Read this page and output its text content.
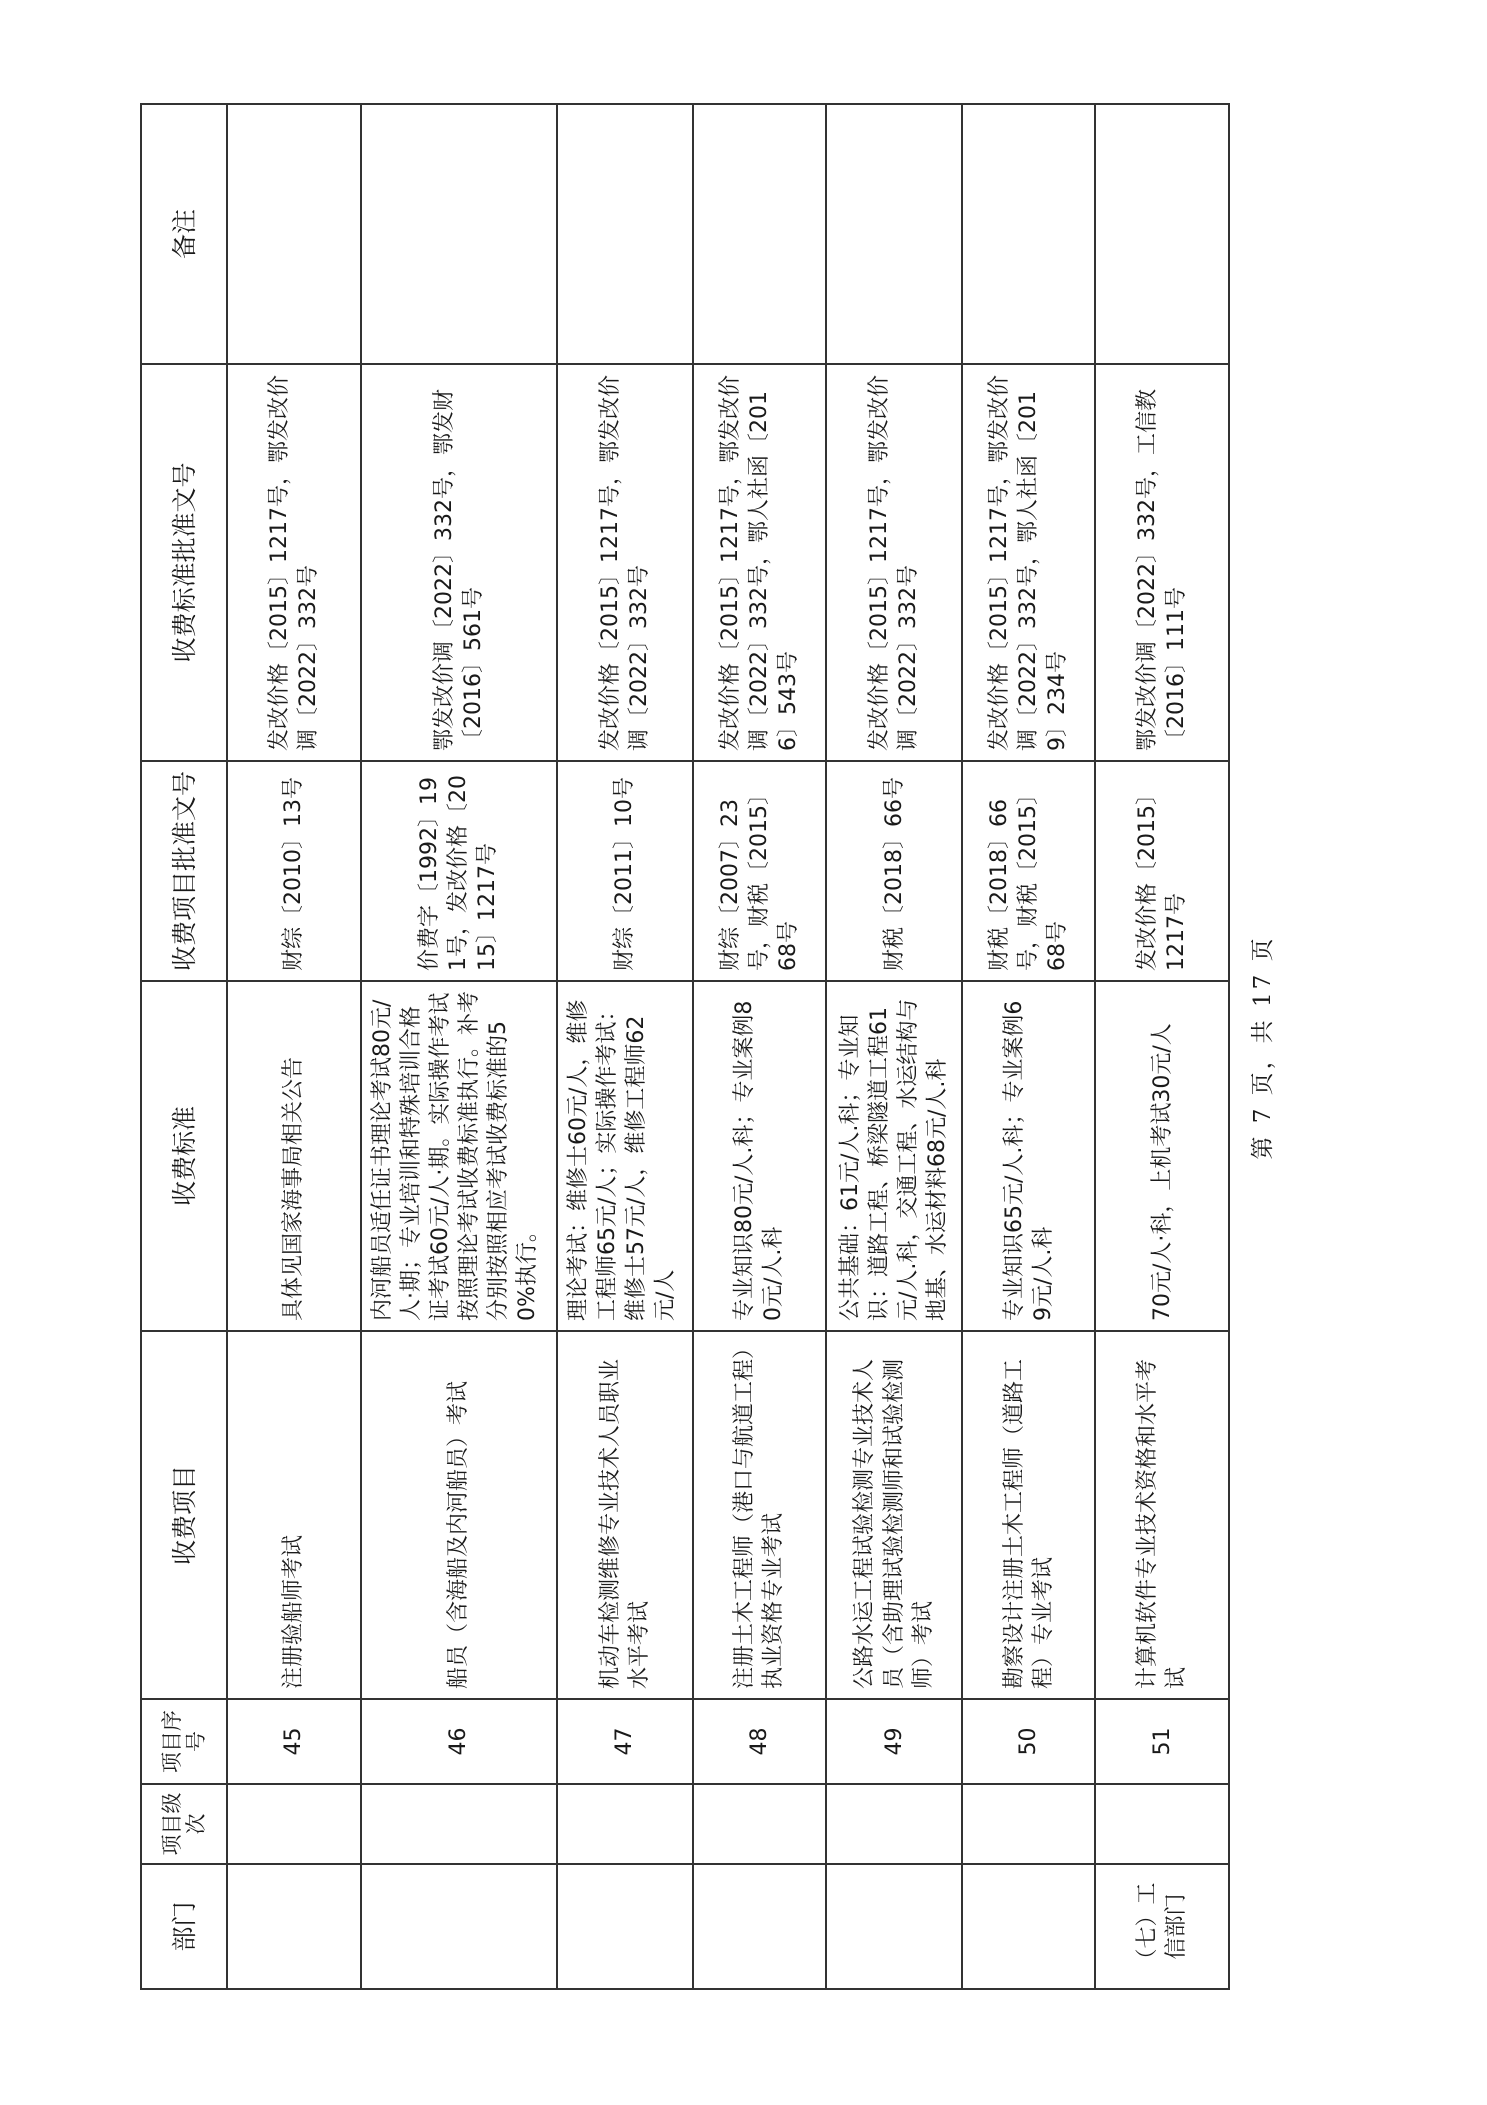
部门	项目级次	项目序号	收费项目	收费标准	收费项目批准文号	收费标准批准文号	备注
		45	注册验船师考试	具体见国家海事局相关公告	财综〔2010〕13号	发改价格〔2015〕1217号，鄂发改价调〔2022〕332号	
		46	船员（含海船及内河船员）考试	内河船员适任证书理论考试80元/人·期；专业培训和特殊培训合格证考试60元/人·期。实际操作考试按照理论考试收费标准执行。补考分别按照相应考试收费标准的50%执行。	价费字〔1992〕191号，发改价格〔2015〕1217号	鄂发改价调〔2022〕332号，鄂发财〔2016〕561号	
		47	机动车检测维修专业技术人员职业水平考试	理论考试：维修士60元/人，维修工程师65元/人；实际操作考试：维修士57元/人，维修工程师62元/人	财综〔2011〕10号	发改价格〔2015〕1217号，鄂发改价调〔2022〕332号	
		48	注册土木工程师（港口与航道工程）执业资格专业考试	专业知识80元/人.科；专业案例80元/人.科	财综〔2007〕23号，财税〔2015〕68号	发改价格〔2015〕1217号，鄂发改价调〔2022〕332号，鄂人社函〔2016〕543号	
		49	公路水运工程试验检测专业技术人员（含助理试验检测师和试验检测师）考试	公共基础：61元/人.科；专业知识：道路工程、桥梁隧道工程61元/人.科，交通工程、水运结构与地基、水运材料68元/人.科	财税〔2018〕66号	发改价格〔2015〕1217号，鄂发改价调〔2022〕332号	
		50	勘察设计注册土木工程师（道路工程）专业考试	专业知识65元/人.科；专业案例69元/人.科	财税〔2018〕66号，财税〔2015〕68号	发改价格〔2015〕1217号，鄂发改价调〔2022〕332号，鄂人社函〔2019〕234号	
（七）工信部门		51	计算机软件专业技术资格和水平考试	70元/人·科，上机考试30元/人	发改价格〔2015〕1217号	鄂发改价调〔2022〕332号，工信教〔2016〕111号	
第 7 页，共 17 页
